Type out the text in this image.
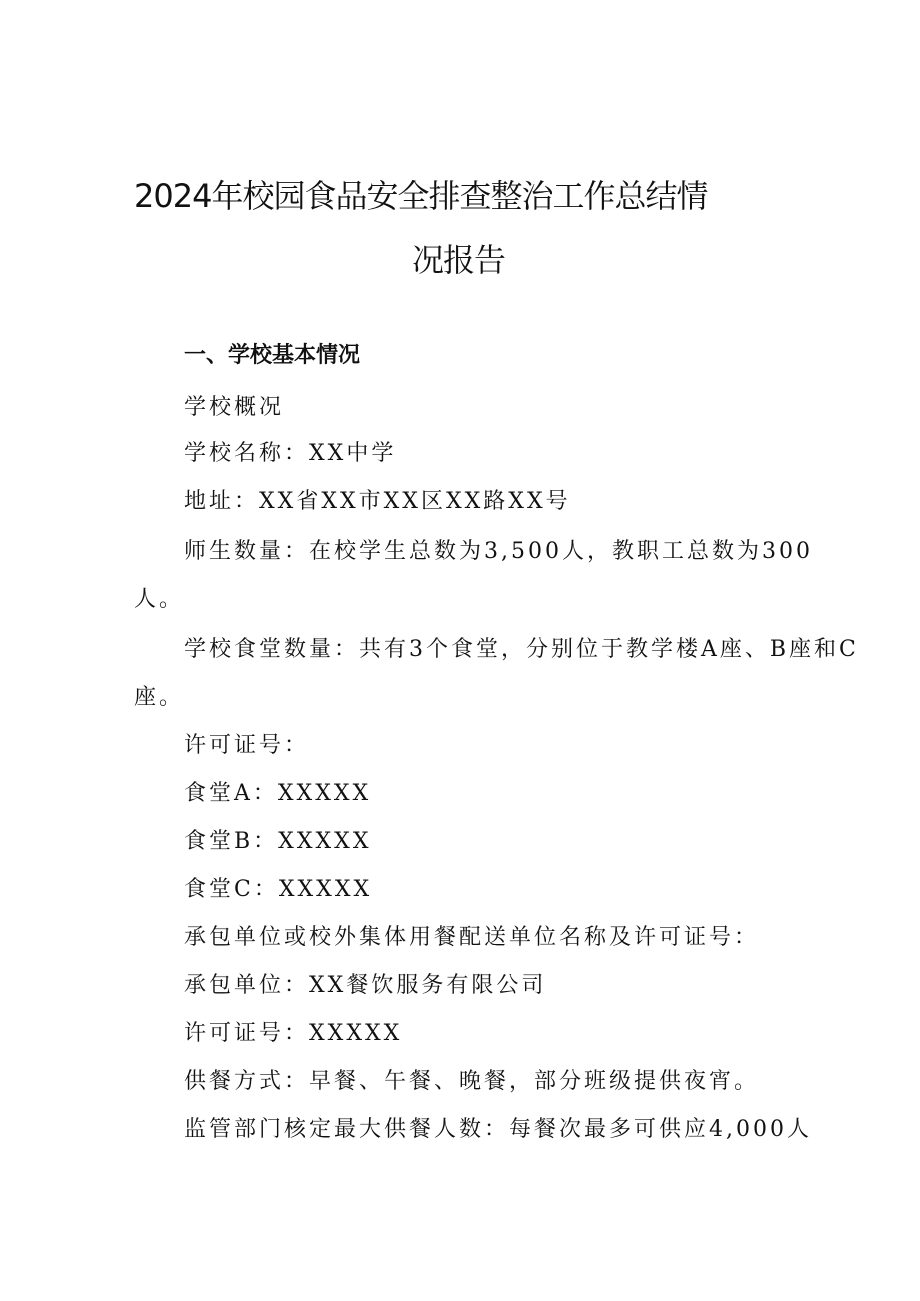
2024年校园食品安全排查整治工作总结情
况报告
一、学校基本情况
学校概况
学校名称：XX中学
地址：XX省XX市XX区XX路XX号
师生数量：在校学生总数为3,500人，教职工总数为300
人。
学校食堂数量：共有3个食堂，分别位于教学楼A座、B座和C
座。
许可证号：
食堂A：XXXXX
食堂B：XXXXX
食堂C：XXXXX
承包单位或校外集体用餐配送单位名称及许可证号：
承包单位：XX餐饮服务有限公司
许可证号：XXXXX
供餐方式：早餐、午餐、晚餐，部分班级提供夜宵。
监管部门核定最大供餐人数：每餐次最多可供应4,000人
